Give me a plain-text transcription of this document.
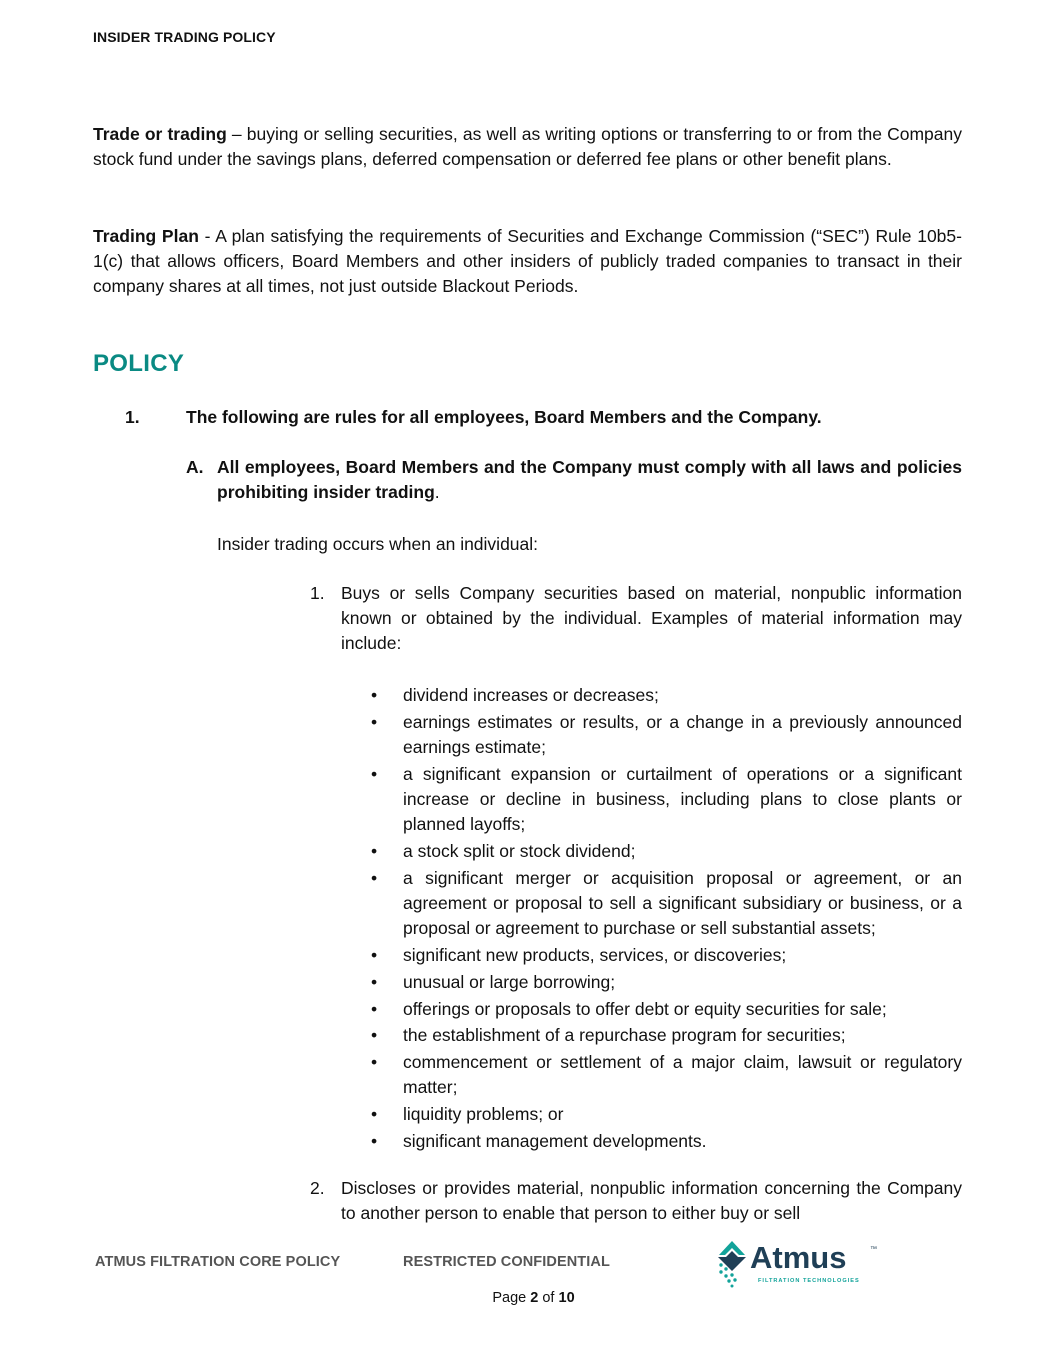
INSIDER TRADING POLICY

Trade or trading – buying or selling securities, as well as writing options or transferring to or from the Company stock fund under the savings plans, deferred compensation or deferred fee plans or other benefit plans.

Trading Plan - A plan satisfying the requirements of Securities and Exchange Commission (“SEC”) Rule 10b5-1(c) that allows officers, Board Members and other insiders of publicly traded companies to transact in their company shares at all times, not just outside Blackout Periods.

POLICY
1.	The following are rules for all employees, Board Members and the Company.
A. All employees, Board Members and the Company must comply with all laws and policies prohibiting insider trading.
Insider trading occurs when an individual:
1. Buys or sells Company securities based on material, nonpublic information known or obtained by the individual. Examples of material information may include:
• dividend increases or decreases;
• earnings estimates or results, or a change in a previously announced earnings estimate;
• a significant expansion or curtailment of operations or a significant increase or decline in business, including plans to close plants or planned layoffs;
• a stock split or stock dividend;
• a significant merger or acquisition proposal or agreement, or an agreement or proposal to sell a significant subsidiary or business, or a proposal or agreement to purchase or sell substantial assets;
• significant new products, services, or discoveries;
• unusual or large borrowing;
• offerings or proposals to offer debt or equity securities for sale;
• the establishment of a repurchase program for securities;
• commencement or settlement of a major claim, lawsuit or regulatory matter;
• liquidity problems; or
• significant management developments.
2. Discloses or provides material, nonpublic information concerning the Company to another person to enable that person to either buy or sell
ATMUS FILTRATION CORE POLICY	RESTRICTED CONFIDENTIAL	Atmus	™
FILTRATION TECHNOLOGIES
Page 2 of 10
